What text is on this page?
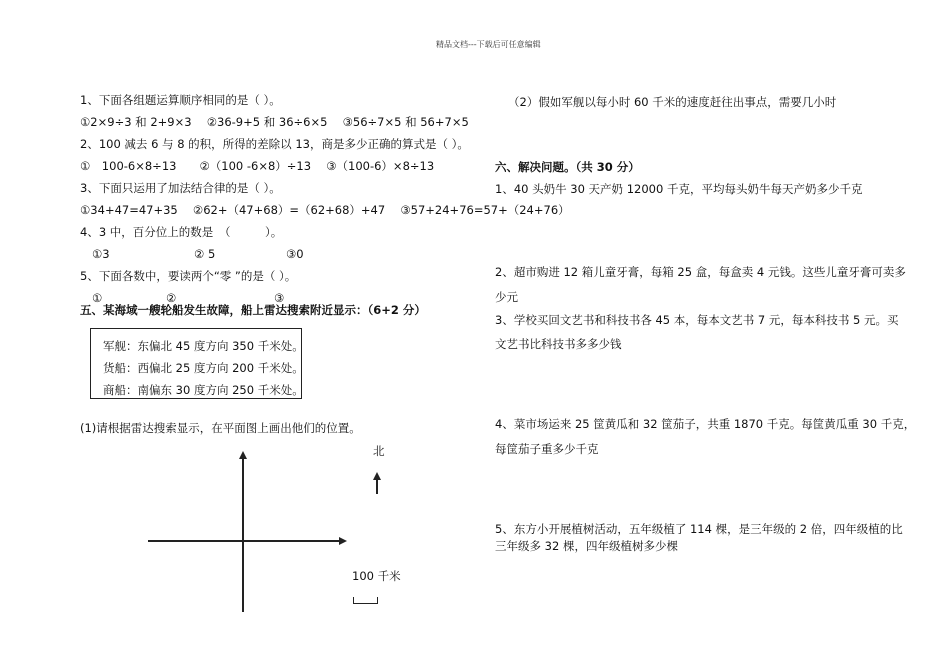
精品文档---下载后可任意编辑
1、下面各组题运算顺序相同的是（ ）。
①2×9÷3 和 2+9×3　 ②36-9+5 和 36÷6×5　 ③56÷7×5 和 56+7×5
2、100 减去 6 与 8 的积，所得的差除以 13，商是多少正确的算式是（ ）。
①　100-6×8÷13　　②（100 -6×8）÷13　 ③（100-6）×8÷13
3、下面只运用了加法结合律的是（ ）。
①34+47=47+35　 ②62+（47+68）=（62+68）+47　 ③57+24+76=57+（24+76）
4、3 中，百分位上的数是　（　　　）。
①3	② 5	③0
5、下面各数中，要读两个“零 ”的是（ ）。
①	②	③
五、某海域一艘轮船发生故障，船上雷达搜索附近显示：（6+2 分）
军舰：东偏北 45 度方向 350 千米处。
货船：西偏北 25 度方向 200 千米处。
商船：南偏东 30 度方向 250 千米处。
(1)请根据雷达搜索显示，在平面图上画出他们的位置。
北
100 千米
（2）假如军舰以每小时 60 千米的速度赶往出事点，需要几小时
六、解决问题。（共 30 分）
1、40 头奶牛 30 天产奶 12000 千克，平均每头奶牛每天产奶多少千克
2、超市购进 12 箱儿童牙膏，每箱 25 盒，每盒卖 4 元钱。这些儿童牙膏可卖多
少元
3、学校买回文艺书和科技书各 45 本，每本文艺书 7 元，每本科技书 5 元。买
文艺书比科技书多多少钱
4、菜市场运来 25 筐黄瓜和 32 筐茄子，共重 1870 千克。每筐黄瓜重 30 千克，
每筐茄子重多少千克
5、东方小开展植树活动，五年级植了 114 棵，是三年级的 2 倍，四年级植的比
三年级多 32 棵，四年级植树多少棵
